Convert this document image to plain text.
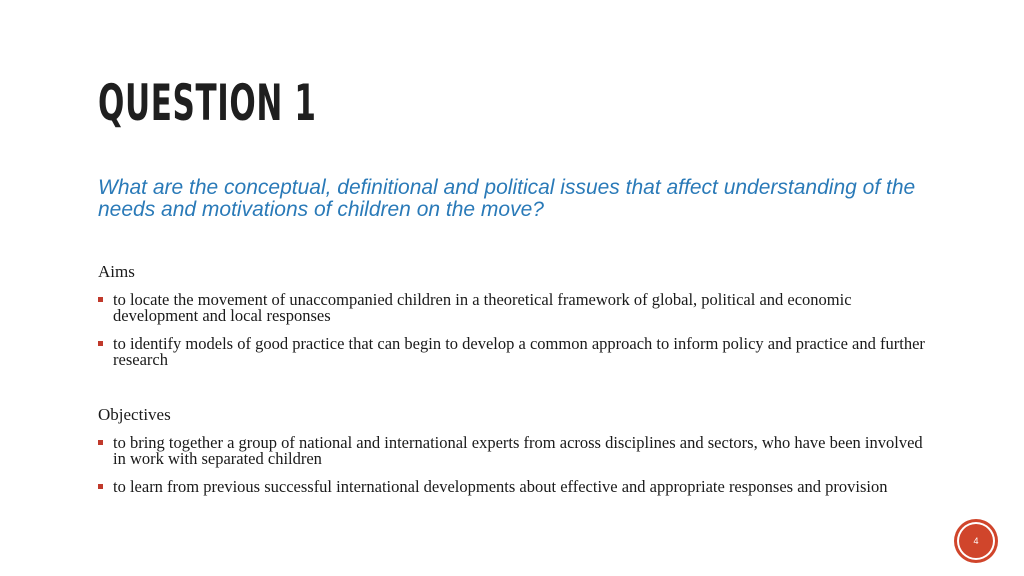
QUESTION 1

What are the conceptual, definitional and political issues that affect understanding of the needs and motivations of children on the move?

Aims

to locate the movement of unaccompanied children in a theoretical framework of global, political and economic development and local responses
to identify models of good practice that can begin to develop a common approach to inform policy and practice and further research

Objectives

to bring together a group of national and international experts from across disciplines and sectors, who have been involved in work with separated children
to learn from previous successful international developments about effective and appropriate responses and provision
4
